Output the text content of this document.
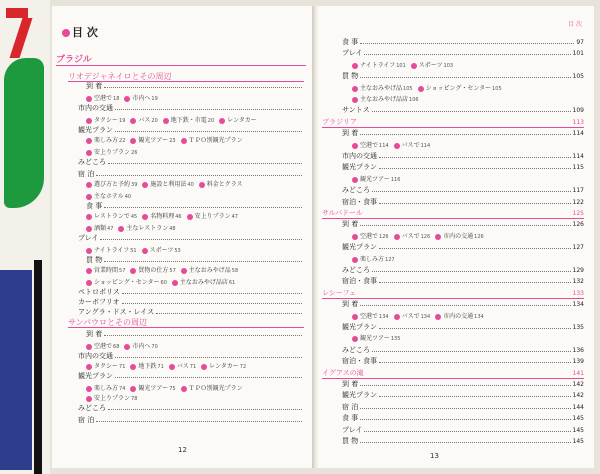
目 次
ブラジル
リオデジャネイロとその周辺
到 着
空港で18 市内へ19
市内の交通
タクシー19 バス20 地下鉄・市電20 レンタカー
観光プラン
楽しみ方22 観光ツアー23 ＴＰＯ別観光プラン
安上りプラン26
みどころ
宿 泊
選び方と予約39 施設と利用法40 料金とクラス
主なホテル40
食 事
レストランで45 名物料理46 安上りプラン47
酒類47 主なレストラン48
プレイ
ナイトライフ51 スポーツ53
買 物
営業時間57 買物の仕方57 主なおみやげ品58
ショッピング・センター60 主なおみやげ品店61
ペトロポリス
カーボフリオ
アングラ・ドス・レイス
サンパウロとその周辺
到 着
空港で68 市内へ70
市内の交通
タクシー71 地下鉄71 バス71 レンタカー72
観光プラン
楽しみ方74 観光ツアー75 ＴＰＯ別観光プラン
安上りプラン78
みどころ
宿 泊
12
目 次
食 事	97
プレイ	101
ナイトライフ101 スポーツ103
買 物	105
主なおみやげ品105 ショッピング・センター105
主なおみやげ品店106
サントス	109
ブラジリア	113
到 着	114
空港で114 バスで114
市内の交通	114
観光プラン	115
観光ツアー116
みどころ	117
宿泊・食事	122
サルバドール	125
到 着	126
空港で126 バスで126 市内の交通126
観光プラン	127
楽しみ方127
みどころ	129
宿泊・食事	132
レシーフェ	133
到 着	134
空港で134 バスで134 市内の交通134
観光プラン	135
観光ツアー135
みどころ	136
宿泊・食事	139
イグアスの滝	141
到 着	142
観光プラン	142
宿 泊	144
食 事	145
プレイ	145
買 物	145
13
